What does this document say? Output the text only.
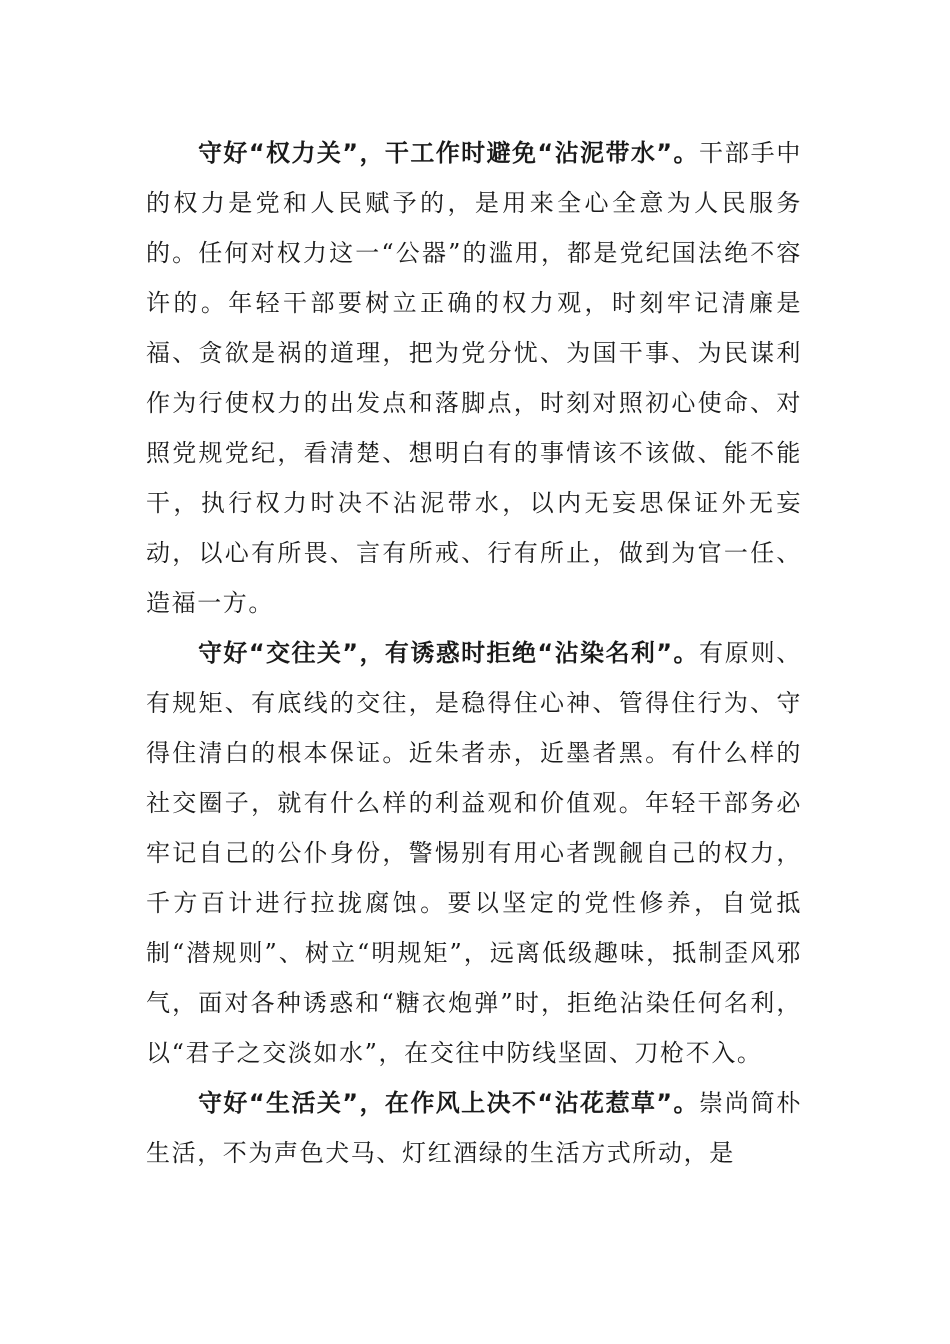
守好“权力关”，干工作时避免“沾泥带水”。干部手中的权力是党和人民赋予的，是用来全心全意为人民服务的。任何对权力这一“公器”的滥用，都是党纪国法绝不容许的。年轻干部要树立正确的权力观，时刻牢记清廉是福、贪欲是祸的道理，把为党分忧、为国干事、为民谋利作为行使权力的出发点和落脚点，时刻对照初心使命、对照党规党纪，看清楚、想明白有的事情该不该做、能不能干，执行权力时决不沾泥带水，以内无妄思保证外无妄动，以心有所畏、言有所戒、行有所止，做到为官一任、造福一方。

守好“交往关”，有诱惑时拒绝“沾染名利”。有原则、有规矩、有底线的交往，是稳得住心神、管得住行为、守得住清白的根本保证。近朱者赤，近墨者黑。有什么样的社交圈子，就有什么样的利益观和价值观。年轻干部务必牢记自己的公仆身份，警惕别有用心者觊觎自己的权力，千方百计进行拉拢腐蚀。要以坚定的党性修养，自觉抵制“潜规则”、树立“明规矩”，远离低级趣味，抵制歪风邪气，面对各种诱惑和“糖衣炮弹”时，拒绝沾染任何名利，以“君子之交淡如水”，在交往中防线坚固、刀枪不入。

守好“生活关”，在作风上决不“沾花惹草”。崇尚简朴生活，不为声色犬马、灯红酒绿的生活方式所动，是
